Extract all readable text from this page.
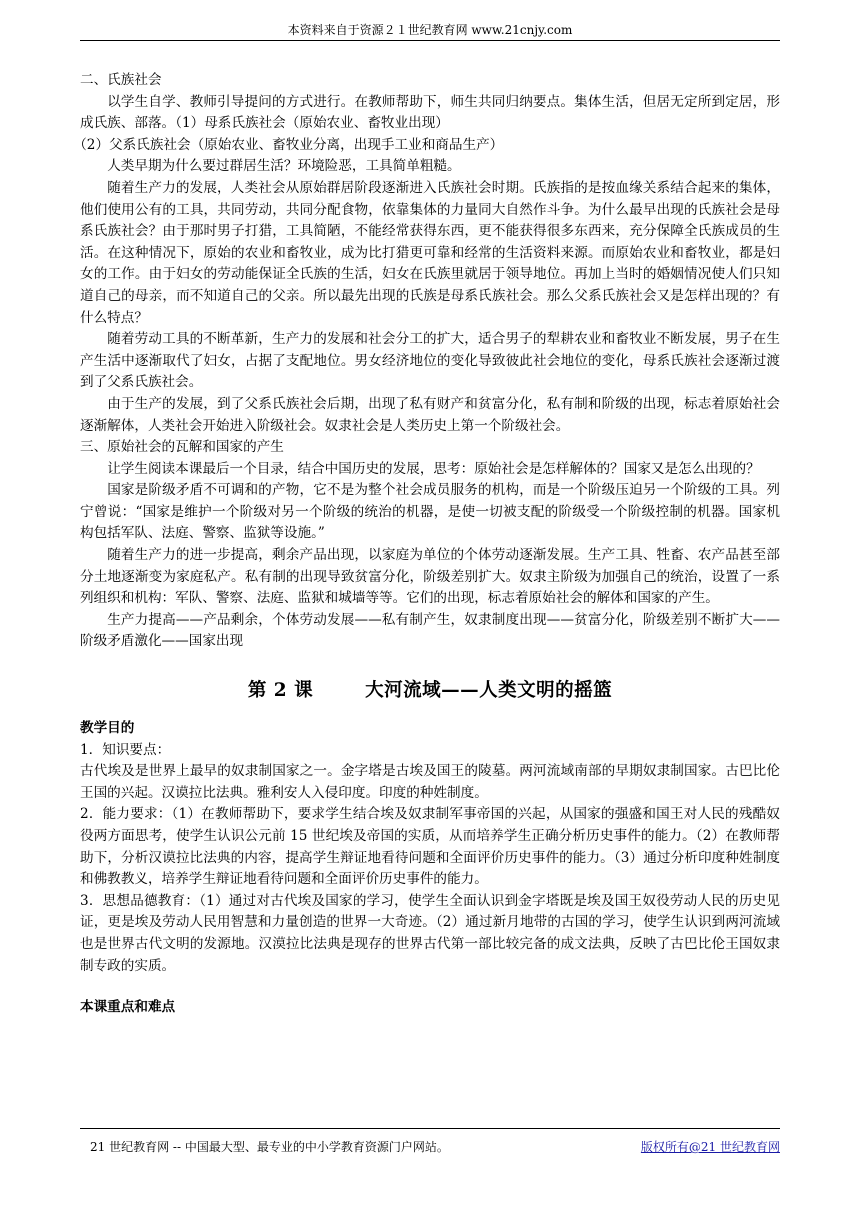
本资料来自于资源２１世纪教育网 www.21cnjy.com

二、氏族社会

以学生自学、教师引导提问的方式进行。在教师帮助下，师生共同归纳要点。集体生活，但居无定所到定居，形成氏族、部落。（1）母系氏族社会（原始农业、畜牧业出现）

（2）父系氏族社会（原始农业、畜牧业分离，出现手工业和商品生产）

人类早期为什么要过群居生活？环境险恶，工具简单粗糙。

随着生产力的发展，人类社会从原始群居阶段逐渐进入氏族社会时期。氏族指的是按血缘关系结合起来的集体，他们使用公有的工具，共同劳动，共同分配食物，依靠集体的力量同大自然作斗争。为什么最早出现的氏族社会是母系氏族社会？由于那时男子打猎，工具简陋，不能经常获得东西，更不能获得很多东西来，充分保障全氏族成员的生活。在这种情况下，原始的农业和畜牧业，成为比打猎更可靠和经常的生活资料来源。而原始农业和畜牧业，都是妇女的工作。由于妇女的劳动能保证全氏族的生活，妇女在氏族里就居于领导地位。再加上当时的婚姻情况使人们只知道自己的母亲，而不知道自己的父亲。所以最先出现的氏族是母系氏族社会。那么父系氏族社会又是怎样出现的？有什么特点？

随着劳动工具的不断革新，生产力的发展和社会分工的扩大，适合男子的犁耕农业和畜牧业不断发展，男子在生产生活中逐渐取代了妇女，占据了支配地位。男女经济地位的变化导致彼此社会地位的变化，母系氏族社会逐渐过渡到了父系氏族社会。

由于生产的发展，到了父系氏族社会后期，出现了私有财产和贫富分化，私有制和阶级的出现，标志着原始社会逐渐解体，人类社会开始进入阶级社会。奴隶社会是人类历史上第一个阶级社会。

三、原始社会的瓦解和国家的产生

让学生阅读本课最后一个目录，结合中国历史的发展，思考：原始社会是怎样解体的？国家又是怎么出现的？

国家是阶级矛盾不可调和的产物，它不是为整个社会成员服务的机构，而是一个阶级压迫另一个阶级的工具。列宁曾说：“国家是维护一个阶级对另一个阶级的统治的机器，是使一切被支配的阶级受一个阶级控制的机器。国家机构包括军队、法庭、警察、监狱等设施。”

随着生产力的进一步提高，剩余产品出现，以家庭为单位的个体劳动逐渐发展。生产工具、牲畜、农产品甚至部分土地逐渐变为家庭私产。私有制的出现导致贫富分化，阶级差别扩大。奴隶主阶级为加强自己的统治，设置了一系列组织和机构：军队、警察、法庭、监狱和城墙等等。它们的出现，标志着原始社会的解体和国家的产生。

生产力提高——产品剩余，个体劳动发展——私有制产生，奴隶制度出现——贫富分化，阶级差别不断扩大——阶级矛盾激化——国家出现

第 2 课	大河流域——人类文明的摇篮

教学目的

1．知识要点：

古代埃及是世界上最早的奴隶制国家之一。金字塔是古埃及国王的陵墓。两河流域南部的早期奴隶制国家。古巴比伦王国的兴起。汉谟拉比法典。雅利安人入侵印度。印度的种姓制度。

2．能力要求：（1）在教师帮助下，要求学生结合埃及奴隶制军事帝国的兴起，从国家的强盛和国王对人民的残酷奴役两方面思考，使学生认识公元前 15 世纪埃及帝国的实质，从而培养学生正确分析历史事件的能力。（2）在教师帮助下，分析汉谟拉比法典的内容，提高学生辩证地看待问题和全面评价历史事件的能力。（3）通过分析印度种姓制度和佛教教义，培养学生辩证地看待问题和全面评价历史事件的能力。

3．思想品德教育：（1）通过对古代埃及国家的学习，使学生全面认识到金字塔既是埃及国王奴役劳动人民的历史见证，更是埃及劳动人民用智慧和力量创造的世界一大奇迹。（2）通过新月地带的古国的学习，使学生认识到两河流域也是世界古代文明的发源地。汉漠拉比法典是现存的世界古代第一部比较完备的成文法典，反映了古巴比伦王国奴隶制专政的实质。

本课重点和难点

21 世纪教育网 -- 中国最大型、最专业的中小学教育资源门户网站。	版权所有@21 世纪教育网
